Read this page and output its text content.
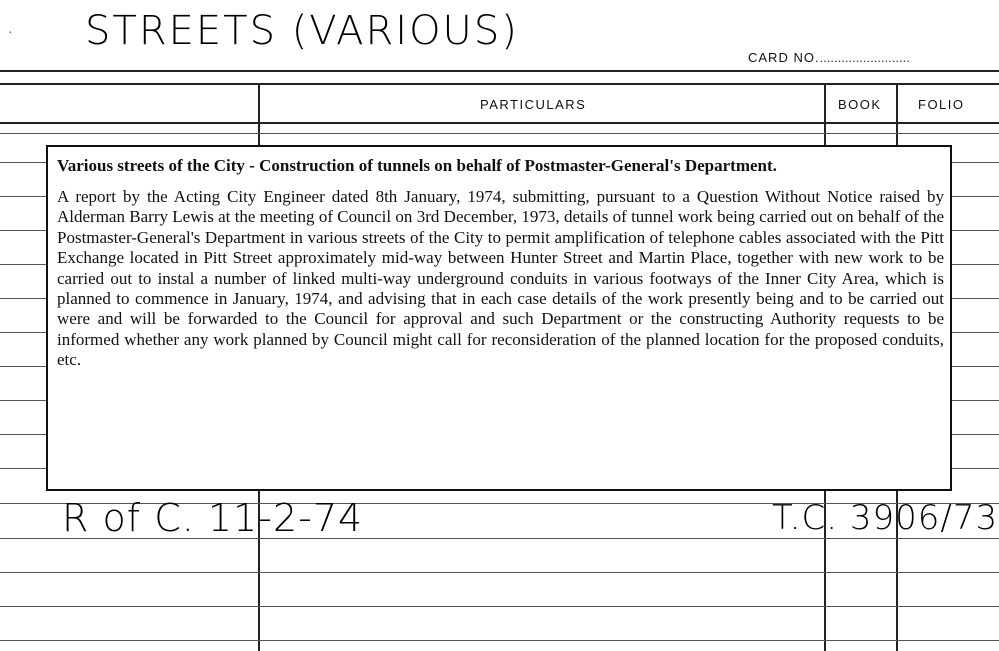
· STREETS (VARIOUS)
CARD NO..........................
PARTICULARS	BOOK	FOLIO

Various streets of the City - Construction of tunnels on behalf of Postmaster-General's Department.

A report by the Acting City Engineer dated 8th January, 1974, submitting, pursuant to a Question Without Notice raised by Alderman Barry Lewis at the meeting of Council on 3rd December, 1973, details of tunnel work being carried out on behalf of the Postmaster-General's Department in various streets of the City to permit amplification of telephone cables associated with the Pitt Exchange located in Pitt Street approximately mid-way between Hunter Street and Martin Place, together with new work to be carried out to instal a number of linked multi-way underground conduits in various footways of the Inner City Area, which is planned to commence in January, 1974, and advising that in each case details of the work presently being and to be carried out were and will be forwarded to the Council for approval and such Department or the constructing Authority requests to be informed whether any work planned by Council might call for reconsideration of the planned location for the proposed conduits, etc.

R of C. 11-2-74	T.C. 3906/73
